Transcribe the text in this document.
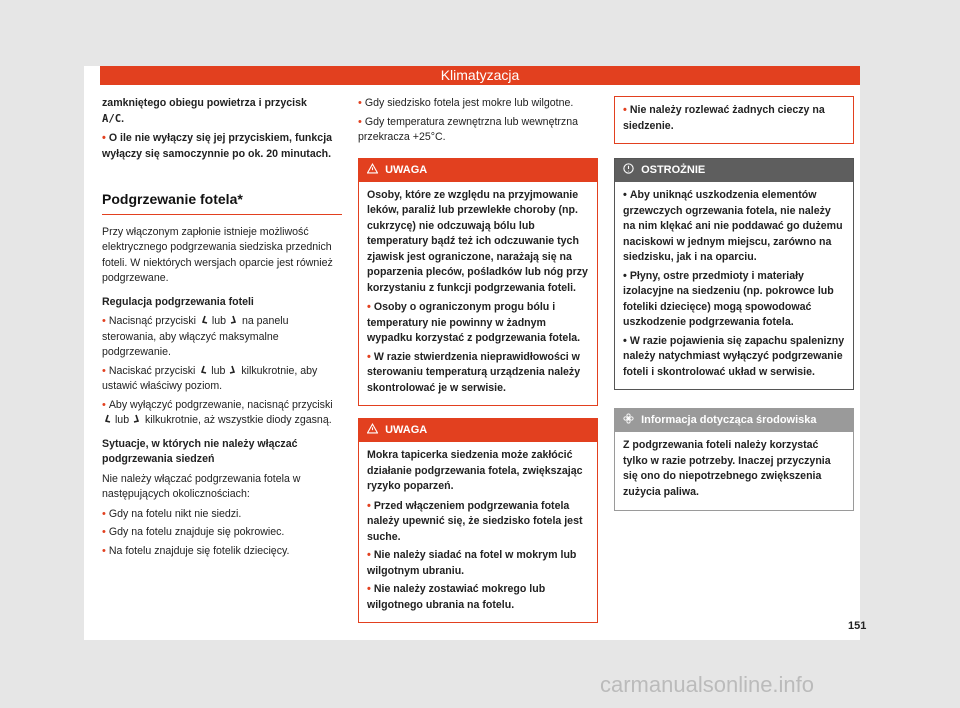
Klimatyzacja

zamkniętego obiegu powietrza i przycisk
A/C.

• O ile nie wyłączy się jej przyciskiem, funkcja wyłączy się samoczynnie po ok. 20 minutach.

Podgrzewanie fotela*

Przy włączonym zapłonie istnieje możliwość elektrycznego podgrzewania siedziska przednich foteli. W niektórych wersjach oparcie jest również podgrzewane.

Regulacja podgrzewania foteli

• Nacisnąć przyciski lub na panelu sterowania, aby włączyć maksymalne podgrzewanie.

• Naciskać przyciski lub kilkukrotnie, aby ustawić właściwy poziom.

• Aby wyłączyć podgrzewanie, nacisnąć przyciski  lub kilkukrotnie, aż wszystkie diody zgasną.

Sytuacje, w których nie należy włączać podgrzewania siedzeń

Nie należy włączać podgrzewania fotela w następujących okolicznościach:

• Gdy na fotelu nikt nie siedzi.

• Gdy na fotelu znajduje się pokrowiec.

• Na fotelu znajduje się fotelik dziecięcy.

• Gdy siedzisko fotela jest mokre lub wilgotne.

• Gdy temperatura zewnętrzna lub wewnętrzna przekracza +25°C.

UWAGA

Osoby, które ze względu na przyjmowanie leków, paraliż lub przewlekłe choroby (np. cukrzycę) nie odczuwają bólu lub temperatury bądź też ich odczuwanie tych zjawisk jest ograniczone, narażają się na poparzenia pleców, pośladków lub nóg przy korzystaniu z funkcji podgrzewania foteli.

• Osoby o ograniczonym progu bólu i temperatury nie powinny w żadnym wypadku korzystać z podgrzewania fotela.

• W razie stwierdzenia nieprawidłowości w sterowaniu temperaturą urządzenia należy skontrolować je w serwisie.

UWAGA

Mokra tapicerka siedzenia może zakłócić działanie podgrzewania fotela, zwiększając ryzyko poparzeń.

• Przed włączeniem podgrzewania fotela należy upewnić się, że siedzisko fotela jest suche.

• Nie należy siadać na fotel w mokrym lub wilgotnym ubraniu.

• Nie należy zostawiać mokrego lub wilgotnego ubrania na fotelu.

• Nie należy rozlewać żadnych cieczy na siedzenie.

OSTROŻNIE

• Aby uniknąć uszkodzenia elementów grzewczych ogrzewania fotela, nie należy na nim klękać ani nie poddawać go dużemu naciskowi w jednym miejscu, zarówno na siedzisku, jak i na oparciu.

• Płyny, ostre przedmioty i materiały izolacyjne na siedzeniu (np. pokrowce lub foteliki dziecięce) mogą spowodować uszkodzenie podgrzewania fotela.

• W razie pojawienia się zapachu spalenizny należy natychmiast wyłączyć podgrzewanie foteli i skontrolować układ w serwisie.

Informacja dotycząca środowiska

Z podgrzewania foteli należy korzystać tylko w razie potrzeby. Inaczej przyczynia się ono do niepotrzebnego zwiększenia zużycia paliwa.

151
carmanualsonline.info
